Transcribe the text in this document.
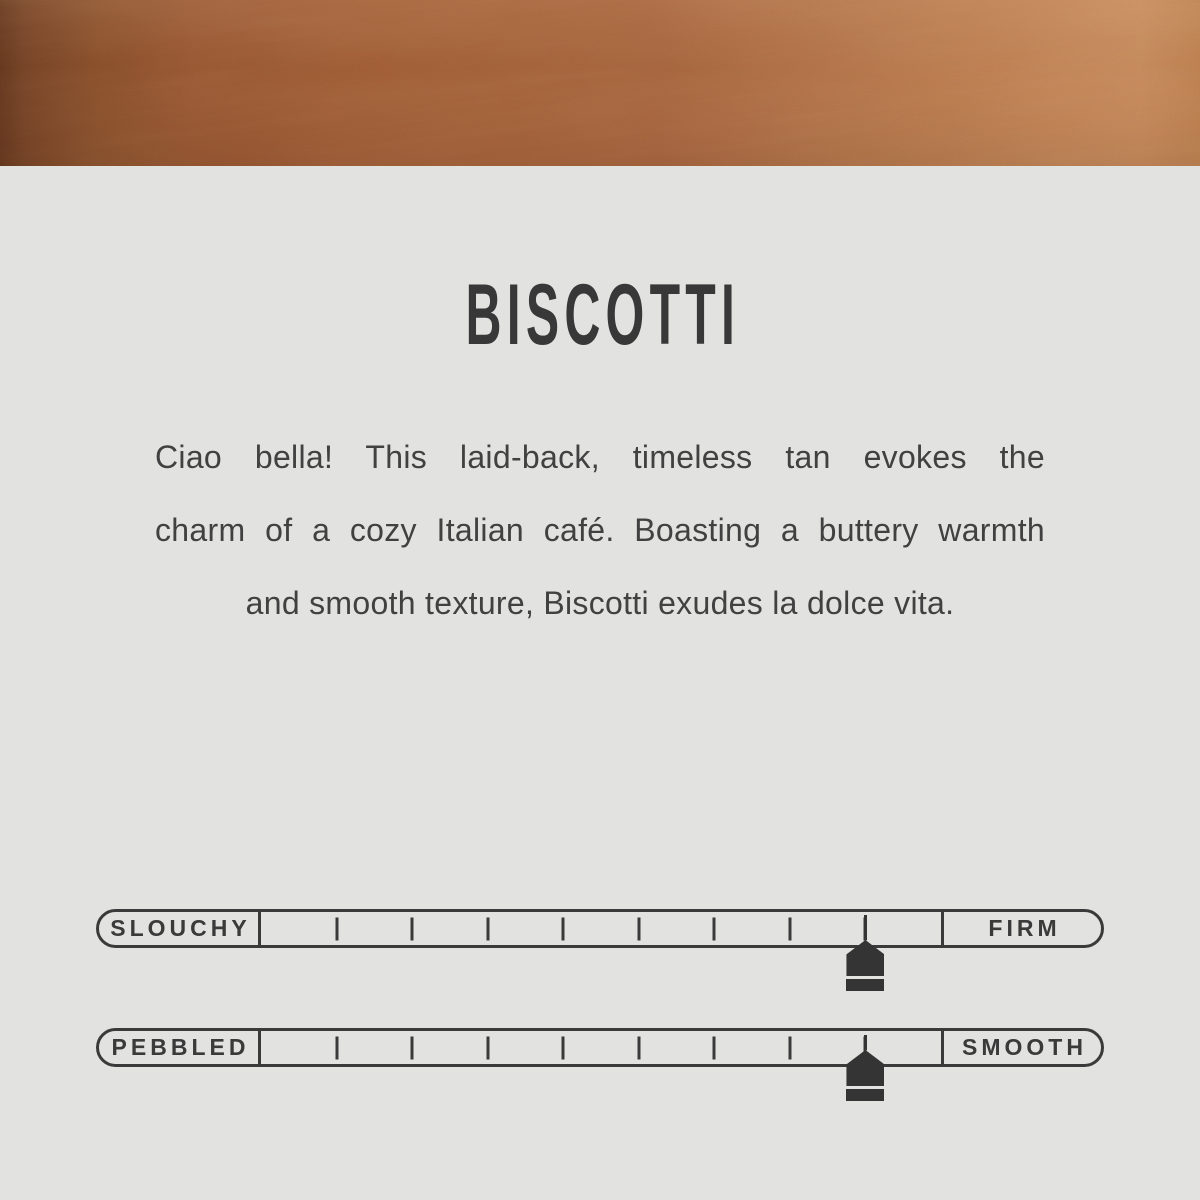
BISCOTTI
Ciao bella! This laid-back, timeless tan evokes the
charm of a cozy Italian café. Boasting a buttery warmth
and smooth texture, Biscotti exudes la dolce vita.
SLOUCHY	FIRM
PEBBLED	SMOOTH
